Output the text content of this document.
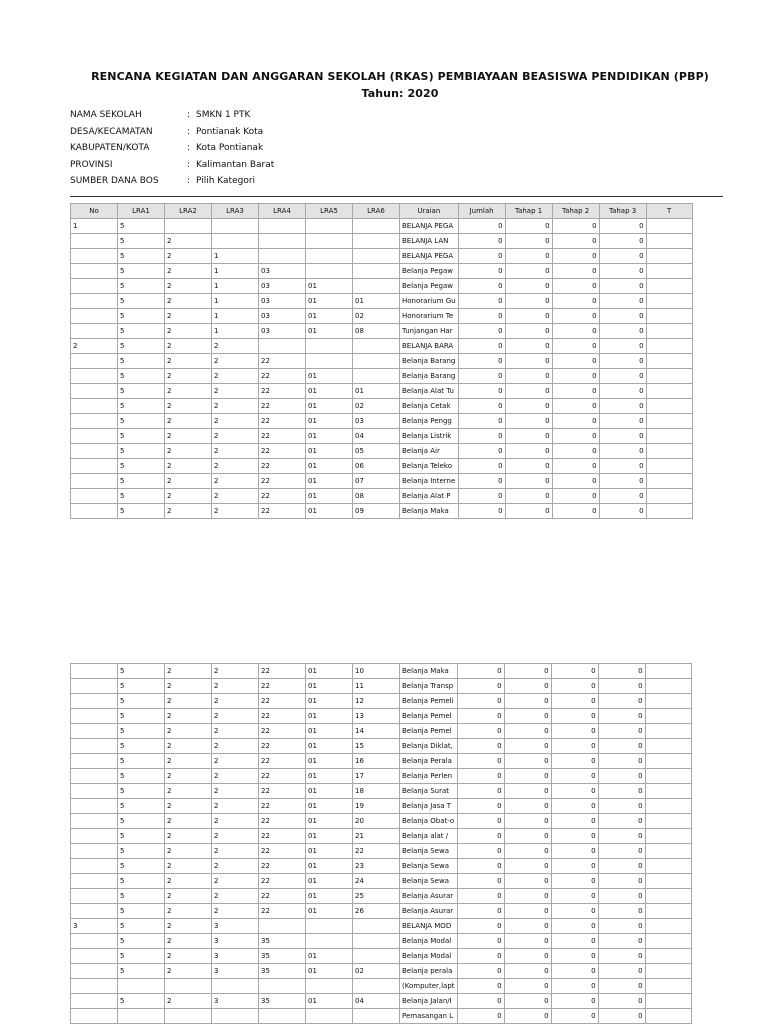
RENCANA KEGIATAN DAN ANGGARAN SEKOLAH (RKAS) PEMBIAYAAN BEASISWA PENDIDIKAN (PBP)
Tahun: 2020
NAMA SEKOLAH	: SMKN 1 PTK
DESA/KECAMATAN	: Pontianak Kota
KABUPATEN/KOTA	: Kota Pontianak
PROVINSI	: Kalimantan Barat
SUMBER DANA BOS	: Pilih Kategori
No	LRA1	LRA2	LRA3	LRA4	LRA5	LRA6	Uraian	Jumlah	Tahap 1	Tahap 2	Tahap 3	T
1	5						BELANJA PEGA	0	0	0	0	
	5	2					BELANJA LAN	0	0	0	0	
	5	2	1				BELANJA PEGA	0	0	0	0	
	5	2	1	03			Belanja Pegaw	0	0	0	0	
	5	2	1	03	01		Belanja Pegaw	0	0	0	0	
	5	2	1	03	01	01	Honorarium Gu	0	0	0	0	
	5	2	1	03	01	02	Honorarium Te	0	0	0	0	
	5	2	1	03	01	08	Tunjangan Har	0	0	0	0	
2	5	2	2				BELANJA BARA	0	0	0	0	
	5	2	2	22			Belanja Barang	0	0	0	0	
	5	2	2	22	01		Belanja Barang	0	0	0	0	
	5	2	2	22	01	01	Belanja Alat Tu	0	0	0	0	
	5	2	2	22	01	02	Belanja Cetak	0	0	0	0	
	5	2	2	22	01	03	Belanja Pengg	0	0	0	0	
	5	2	2	22	01	04	Belanja Listrik	0	0	0	0	
	5	2	2	22	01	05	Belanja Air	0	0	0	0	
	5	2	2	22	01	06	Belanja Teleko	0	0	0	0	
	5	2	2	22	01	07	Belanja Interne	0	0	0	0	
	5	2	2	22	01	08	Belanja Alat P	0	0	0	0	
	5	2	2	22	01	09	Belanja Maka	0	0	0	0	
	5	2	2	22	01	10	Belanja Maka	0	0	0	0	
	5	2	2	22	01	11	Belanja Transp	0	0	0	0	
	5	2	2	22	01	12	Belanja Pemeli	0	0	0	0	
	5	2	2	22	01	13	Belanja Pemel	0	0	0	0	
	5	2	2	22	01	14	Belanja Pemel	0	0	0	0	
	5	2	2	22	01	15	Belanja Diklat,	0	0	0	0	
	5	2	2	22	01	16	Belanja Perala	0	0	0	0	
	5	2	2	22	01	17	Belanja Perlen	0	0	0	0	
	5	2	2	22	01	18	Belanja Surat	0	0	0	0	
	5	2	2	22	01	19	Belanja Jasa T	0	0	0	0	
	5	2	2	22	01	20	Belanja Obat-o	0	0	0	0	
	5	2	2	22	01	21	Belanja alat /	0	0	0	0	
	5	2	2	22	01	22	Belanja Sewa	0	0	0	0	
	5	2	2	22	01	23	Belanja Sewa	0	0	0	0	
	5	2	2	22	01	24	Belanja Sewa	0	0	0	0	
	5	2	2	22	01	25	Belanja Asurar	0	0	0	0	
	5	2	2	22	01	26	Belanja Asurar	0	0	0	0	
3	5	2	3				BELANJA MOD	0	0	0	0	
	5	2	3	35			Belanja Modal	0	0	0	0	
	5	2	3	35	01		Belanja Modal	0	0	0	0	
	5	2	3	35	01	02	Belanja perala	0	0	0	0	
							(Komputer,lapt	0	0	0	0	
	5	2	3	35	01	04	Belanja Jalan/I	0	0	0	0	
							Pemasangan L	0	0	0	0	
